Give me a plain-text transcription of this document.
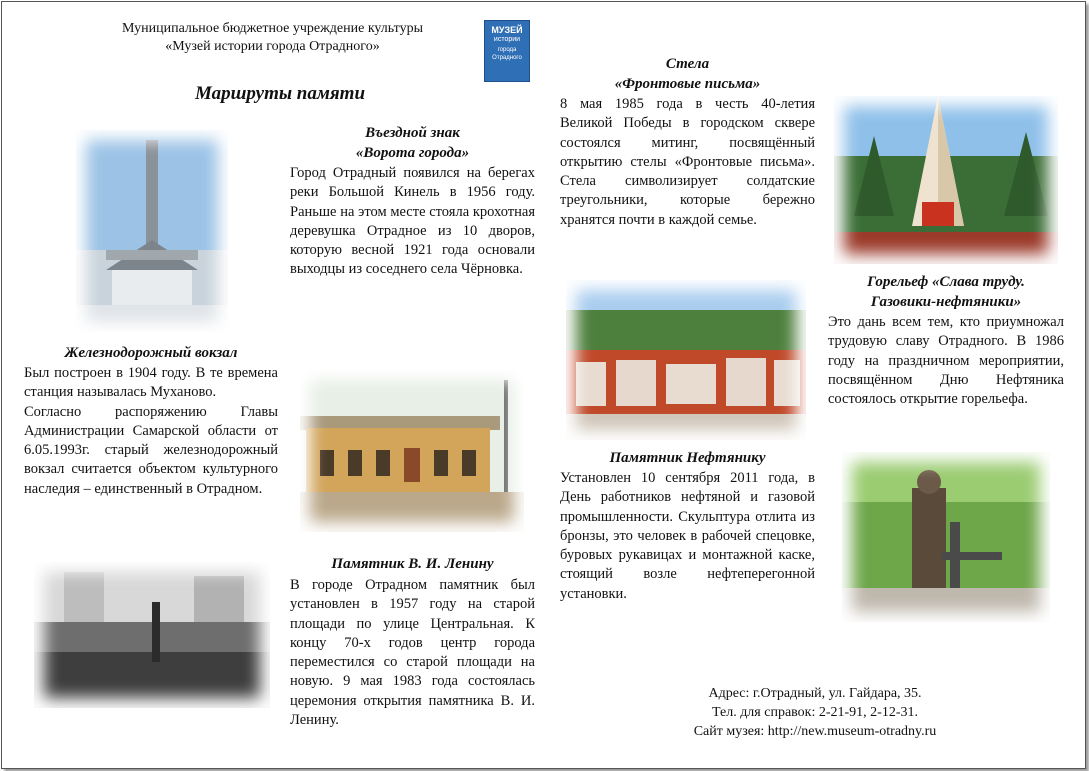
Муниципальное бюджетное учреждение культуры
«Музей истории города Отрадного»
МУЗЕЙ
истории
города Отрадного
Маршруты памяти
Въездной знак
«Ворота города»
Город Отрадный появился на берегах реки Большой Кинель в 1956 году. Раньше на этом месте стояла крохотная деревушка Отрадное из 10 дворов, которую весной 1921 года основали выходцы из соседнего села Чёрновка.
Железнодорожный вокзал

Был построен в 1904 году. В те времена станция называлась Муханово.

Согласно распоряжению Главы Администрации Самарской области от 6.05.1993г. старый железнодорожный вокзал считается объектом культурного наследия – единственный в Отрадном.

Памятник В. И. Ленину
В городе Отрадном памятник был установлен в 1957 году на старой площади по улице Центральная. К концу 70-х годов центр города переместился со старой площади на новую. 9 мая 1983 года состоялась церемония открытия памятника В. И. Ленину.
Стела
«Фронтовые письма»
8 мая 1985 года в честь 40-летия Великой Победы в городском сквере состоялся митинг, посвящённый открытию стелы «Фронтовые письма». Стела символизирует солдатские треугольники, которые бережно хранятся почти в каждой семье.
Горельеф «Слава труду.
Газовики-нефтяники»
Это дань всем тем, кто приумножал трудовую славу Отрадного. В 1986 году на праздничном мероприятии, посвящённом Дню Нефтяника состоялось открытие горельефа.
Памятник Нефтянику
Установлен 10 сентября 2011 года, в День работников нефтяной и газовой промышленности. Скульптура отлита из бронзы, это человек в рабочей спецовке, буровых рукавицах и монтажной каске, стоящий возле нефтеперегонной установки.
Адрес: г.Отрадный, ул. Гайдара, 35.
Тел. для справок: 2-21-91, 2-12-31.
Сайт музея: http://new.museum-otradny.ru
